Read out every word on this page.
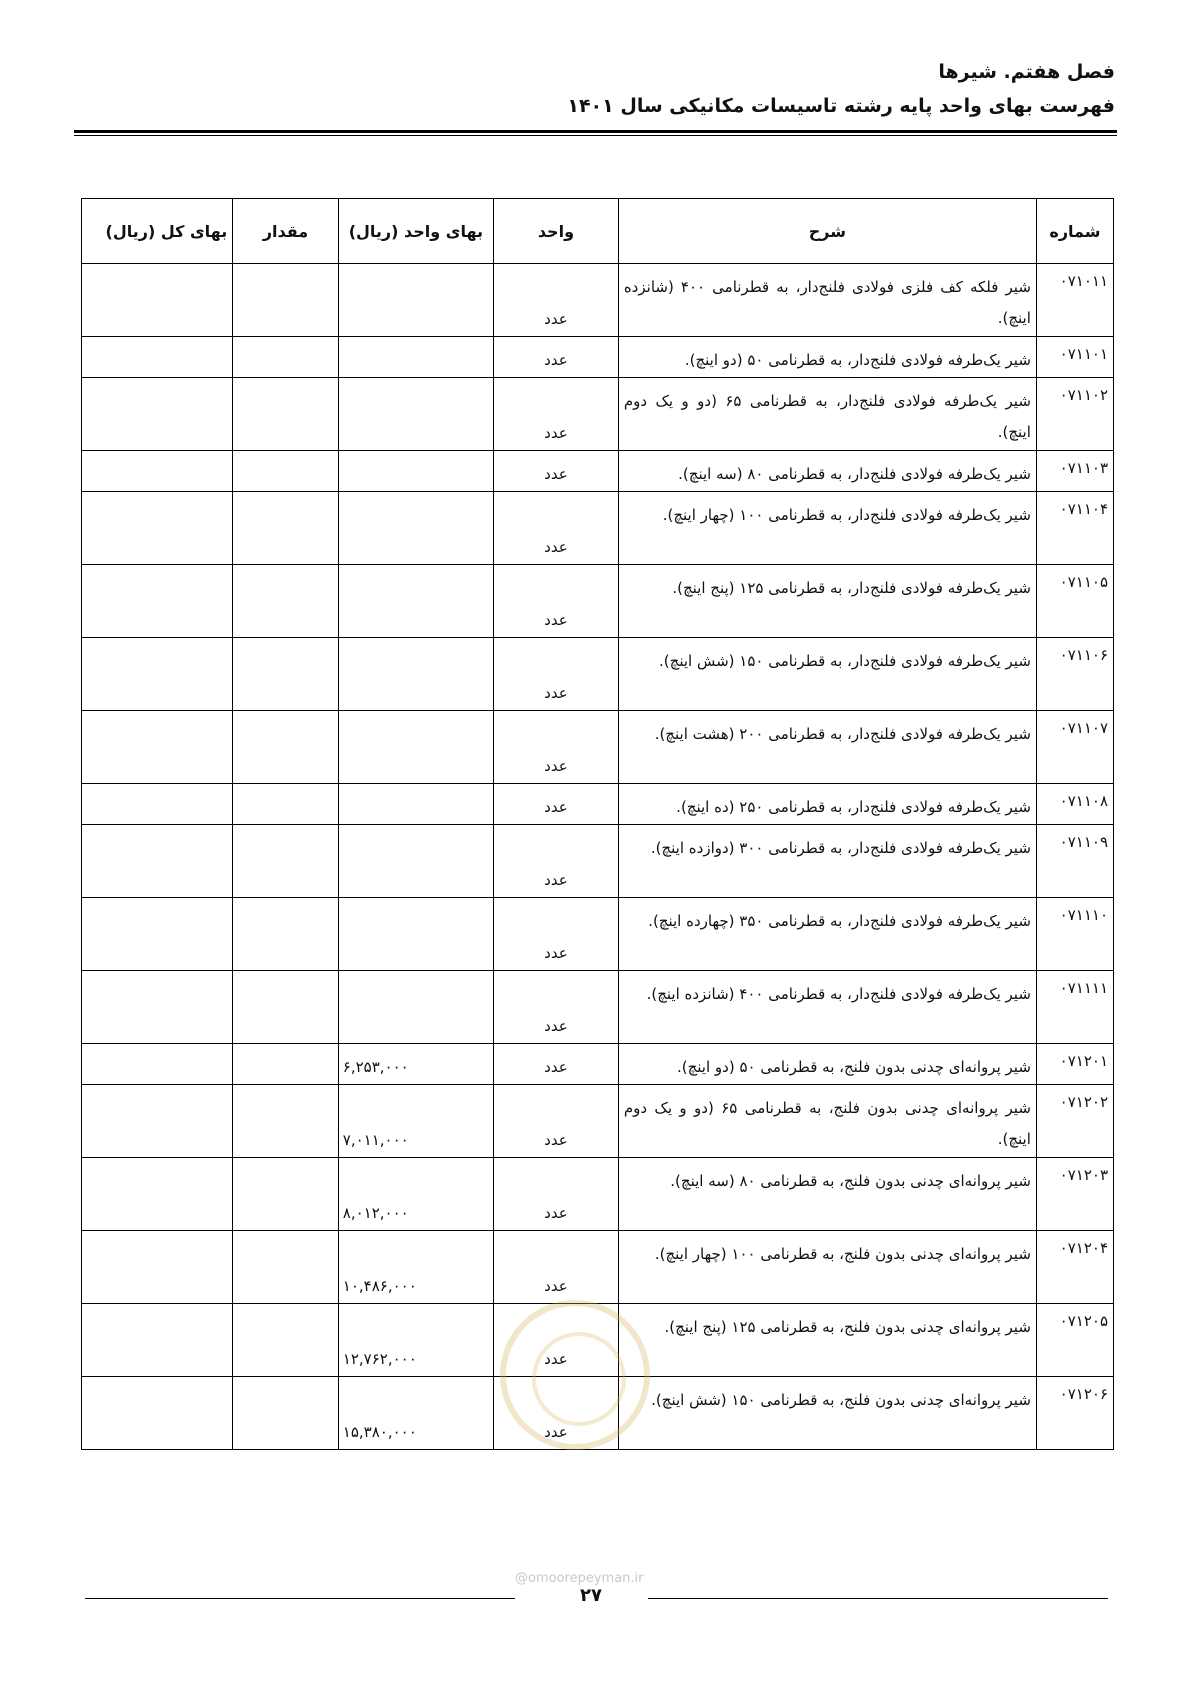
فصل هفتم. شیرها
فهرست بهای واحد پایه رشته تاسیسات مکانیکی سال ۱۴۰۱
شماره	شرح	واحد	بهای واحد (ریال)	مقدار	بهای کل (ریال)
۰۷۱۰۱۱	شیر فلکه کف فلزی فولادی فلنج‌دار، به قطرنامی ۴۰۰ (شانزده اینچ).	عدد			
۰۷۱۱۰۱	شیر یک‌طرفه فولادی فلنج‌دار، به قطرنامی ۵۰ (دو اینچ).	عدد			
۰۷۱۱۰۲	شیر یک‌طرفه فولادی فلنج‌دار، به قطرنامی ۶۵ (دو و یک دوم اینچ).	عدد			
۰۷۱۱۰۳	شیر یک‌طرفه فولادی فلنج‌دار، به قطرنامی ۸۰ (سه اینچ).	عدد			
۰۷۱۱۰۴	شیر یک‌طرفه فولادی فلنج‌دار، به قطرنامی ۱۰۰ (چهار اینچ).	عدد			
۰۷۱۱۰۵	شیر یک‌طرفه فولادی فلنج‌دار، به قطرنامی ۱۲۵ (پنج اینچ).	عدد			
۰۷۱۱۰۶	شیر یک‌طرفه فولادی فلنج‌دار، به قطرنامی ۱۵۰ (شش اینچ).	عدد			
۰۷۱۱۰۷	شیر یک‌طرفه فولادی فلنج‌دار، به قطرنامی ۲۰۰ (هشت اینچ).	عدد			
۰۷۱۱۰۸	شیر یک‌طرفه فولادی فلنج‌دار، به قطرنامی ۲۵۰ (ده اینچ).	عدد			
۰۷۱۱۰۹	شیر یک‌طرفه فولادی فلنج‌دار، به قطرنامی ۳۰۰ (دوازده اینچ).	عدد			
۰۷۱۱۱۰	شیر یک‌طرفه فولادی فلنج‌دار، به قطرنامی ۳۵۰ (چهارده اینچ).	عدد			
۰۷۱۱۱۱	شیر یک‌طرفه فولادی فلنج‌دار، به قطرنامی ۴۰۰ (شانزده اینچ).	عدد			
۰۷۱۲۰۱	شیر پروانه‌ای چدنی بدون فلنج، به قطرنامی ۵۰ (دو اینچ).	عدد	۶,۲۵۳,۰۰۰		
۰۷۱۲۰۲	شیر پروانه‌ای چدنی بدون فلنج، به قطرنامی ۶۵ (دو و یک دوم اینچ).	عدد	۷,۰۱۱,۰۰۰		
۰۷۱۲۰۳	شیر پروانه‌ای چدنی بدون فلنج، به قطرنامی ۸۰ (سه اینچ).	عدد	۸,۰۱۲,۰۰۰		
۰۷۱۲۰۴	شیر پروانه‌ای چدنی بدون فلنج، به قطرنامی ۱۰۰ (چهار اینچ).	عدد	۱۰,۴۸۶,۰۰۰		
۰۷۱۲۰۵	شیر پروانه‌ای چدنی بدون فلنج، به قطرنامی ۱۲۵ (پنج اینچ).	عدد	۱۲,۷۶۲,۰۰۰		
۰۷۱۲۰۶	شیر پروانه‌ای چدنی بدون فلنج، به قطرنامی ۱۵۰ (شش اینچ).	عدد	۱۵,۳۸۰,۰۰۰		
@omoorepeyman.ir
۲۷
